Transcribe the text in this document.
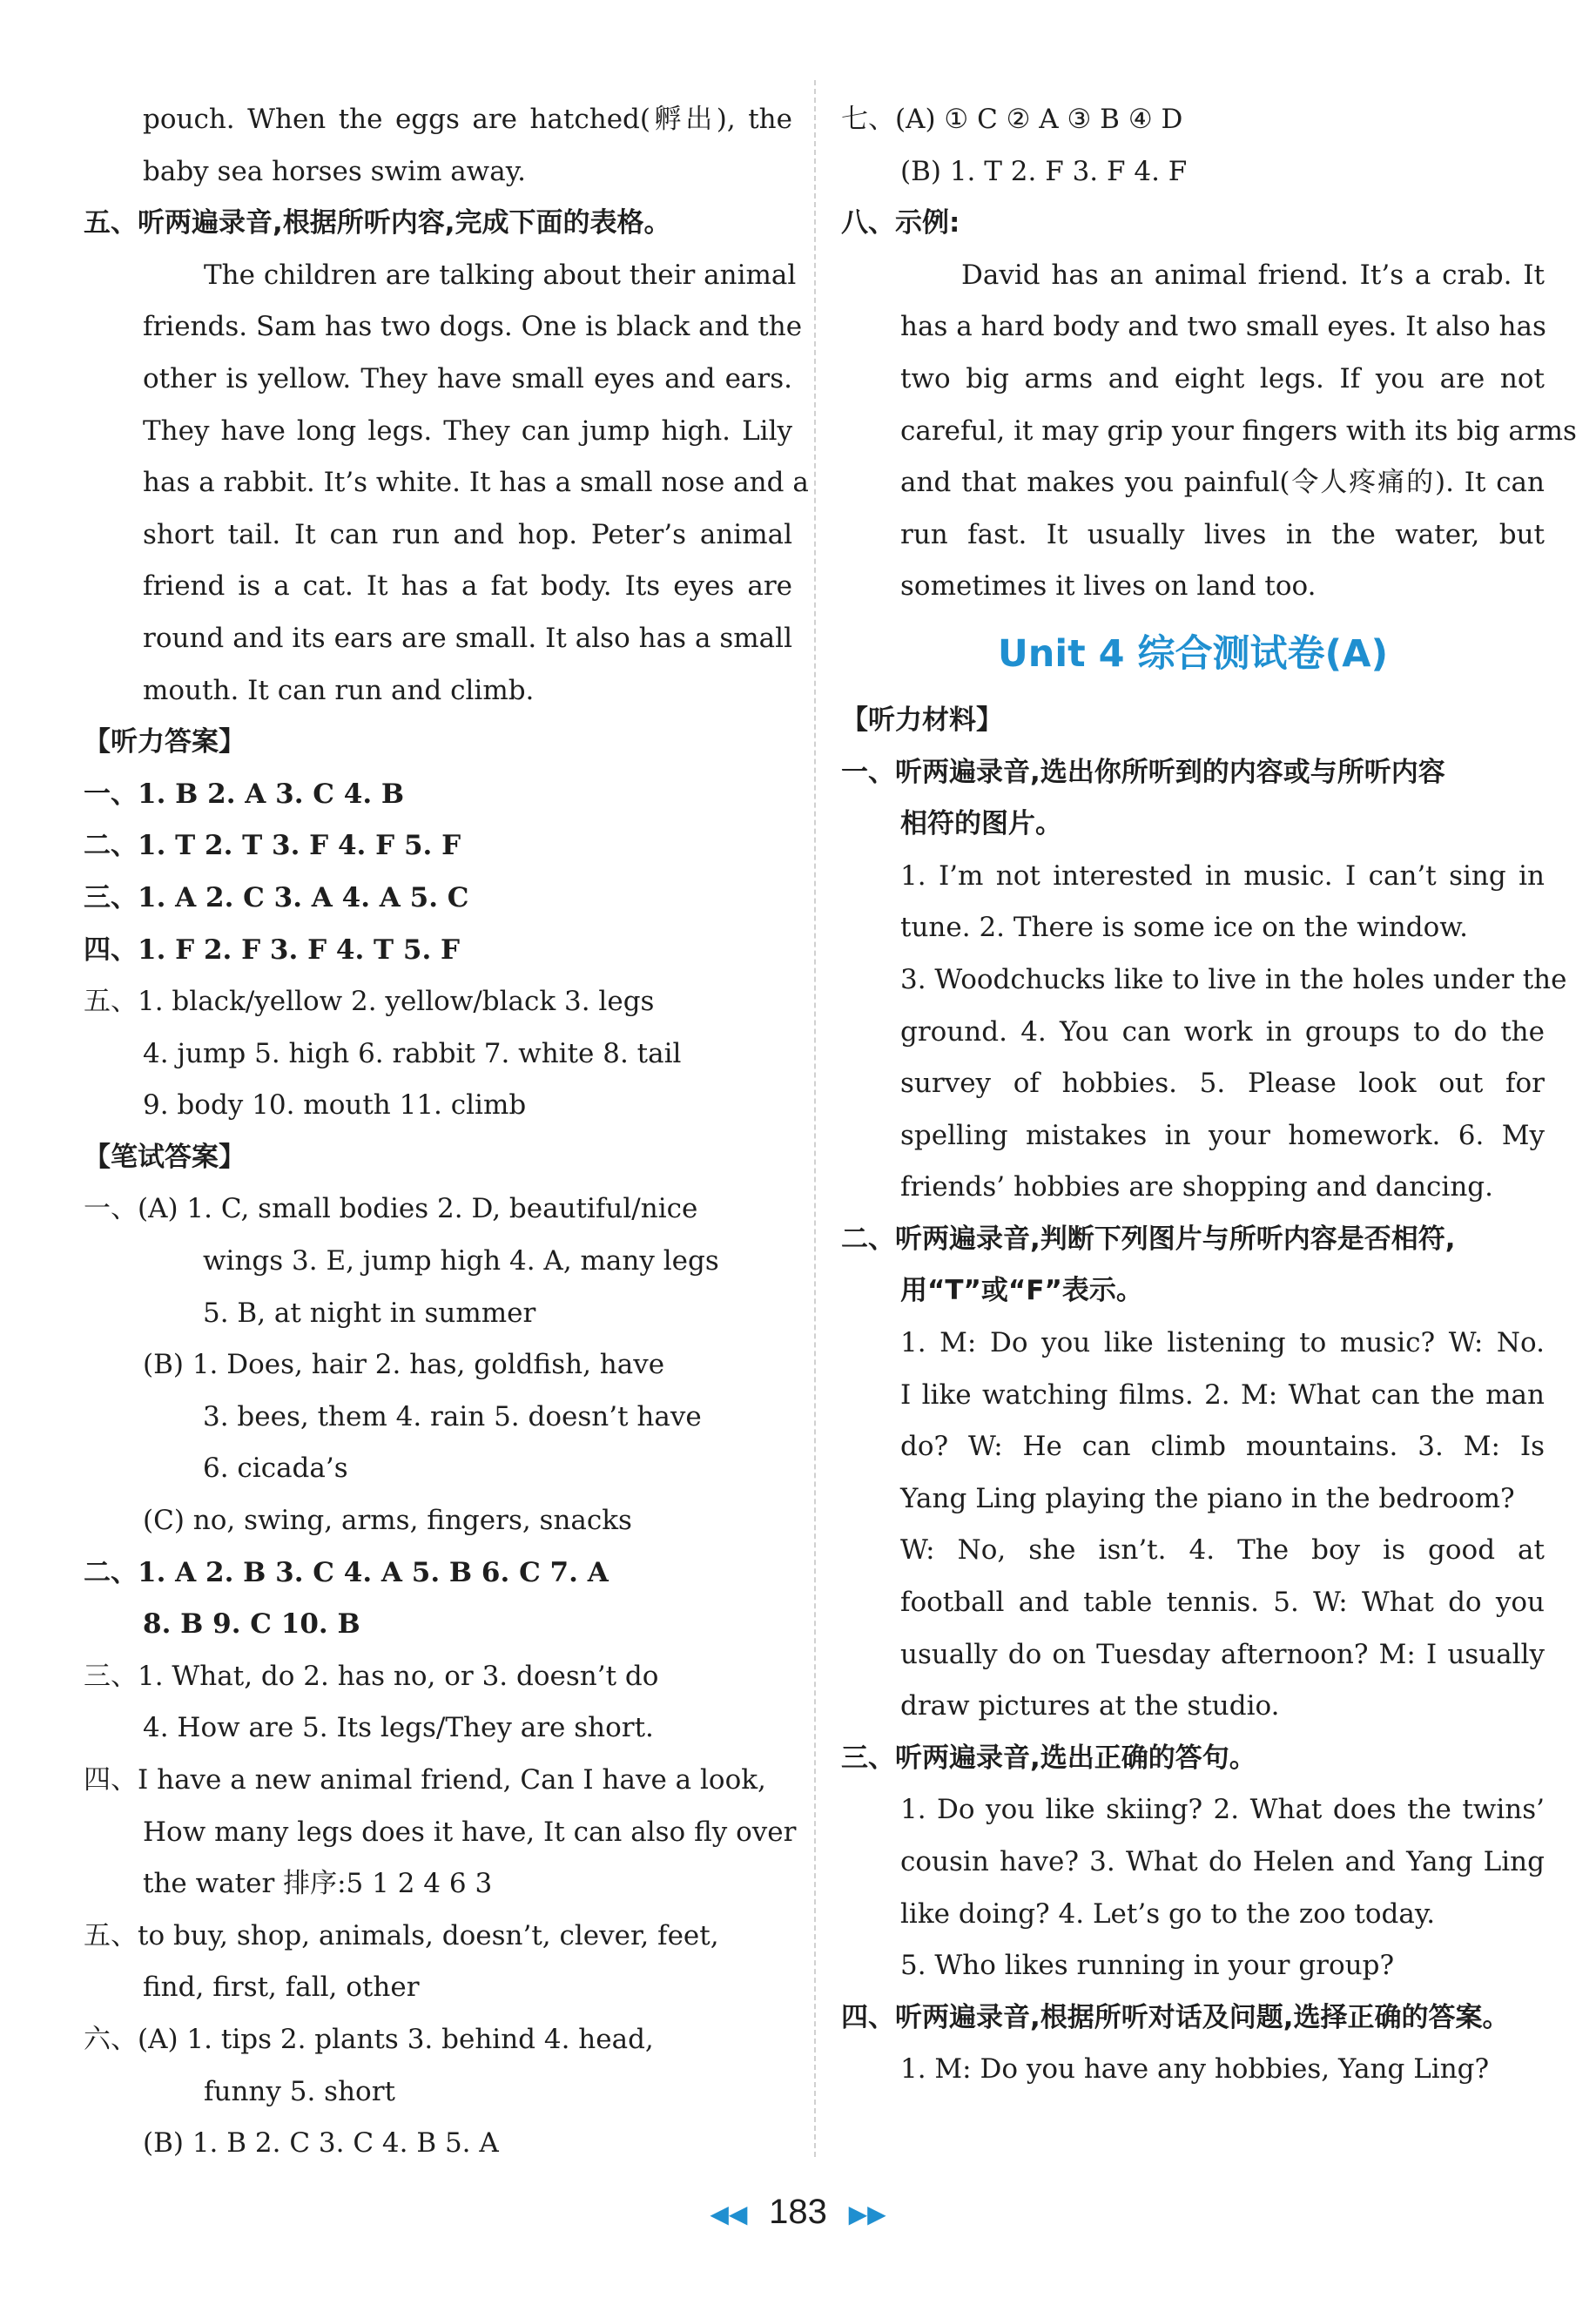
pouch. When the eggs are hatched(孵出), the
baby sea horses swim away.
五、听两遍录音,根据所听内容,完成下面的表格。
The children are talking about their animal
friends. Sam has two dogs. One is black and the
other is yellow. They have small eyes and ears.
They have long legs. They can jump high. Lily
has a rabbit. It’s white. It has a small nose and a
short tail. It can run and hop. Peter’s animal
friend is a cat. It has a fat body. Its eyes are
round and its ears are small. It also has a small
mouth. It can run and climb.
【听力答案】
一、1. B 2. A 3. C 4. B
二、1. T 2. T 3. F 4. F 5. F
三、1. A 2. C 3. A 4. A 5. C
四、1. F 2. F 3. F 4. T 5. F
五、1. black/yellow 2. yellow/black 3. legs
4. jump 5. high 6. rabbit 7. white 8. tail
9. body 10. mouth 11. climb
【笔试答案】
一、(A) 1. C, small bodies 2. D, beautiful/nice
wings 3. E, jump high 4. A, many legs
5. B, at night in summer
(B) 1. Does, hair 2. has, goldfish, have
3. bees, them 4. rain 5. doesn’t have
6. cicada’s
(C) no, swing, arms, fingers, snacks
二、1. A 2. B 3. C 4. A 5. B 6. C 7. A
8. B 9. C 10. B
三、1. What, do 2. has no, or 3. doesn’t do
4. How are 5. Its legs/They are short.
四、I have a new animal friend, Can I have a look,
How many legs does it have, It can also fly over
the water 排序:5 1 2 4 6 3
五、to buy, shop, animals, doesn’t, clever, feet,
find, first, fall, other
六、(A) 1. tips 2. plants 3. behind 4. head,
funny 5. short
(B) 1. B 2. C 3. C 4. B 5. A
七、(A) ① C ② A ③ B ④ D
(B) 1. T 2. F 3. F 4. F
八、示例:
David has an animal friend. It’s a crab. It
has a hard body and two small eyes. It also has
two big arms and eight legs. If you are not
careful, it may grip your fingers with its big arms
and that makes you painful(令人疼痛的). It can
run fast. It usually lives in the water, but
sometimes it lives on land too.
Unit 4 综合测试卷(A)
【听力材料】
一、听两遍录音,选出你所听到的内容或与所听内容
相符的图片。
1. I’m not interested in music. I can’t sing in
tune. 2. There is some ice on the window.
3. Woodchucks like to live in the holes under the
ground. 4. You can work in groups to do the
survey of hobbies. 5. Please look out for
spelling mistakes in your homework. 6. My
friends’ hobbies are shopping and dancing.
二、听两遍录音,判断下列图片与所听内容是否相符,
用“T”或“F”表示。
1. M: Do you like listening to music? W: No.
I like watching films. 2. M: What can the man
do? W: He can climb mountains. 3. M: Is
Yang Ling playing the piano in the bedroom?
W: No, she isn’t. 4. The boy is good at
football and table tennis. 5. W: What do you
usually do on Tuesday afternoon? M: I usually
draw pictures at the studio.
三、听两遍录音,选出正确的答句。
1. Do you like skiing? 2. What does the twins’
cousin have? 3. What do Helen and Yang Ling
like doing? 4. Let’s go to the zoo today.
5. Who likes running in your group?
四、听两遍录音,根据所听对话及问题,选择正确的答案。
1. M: Do you have any hobbies, Yang Ling?
◀◀ 183 ▶▶
